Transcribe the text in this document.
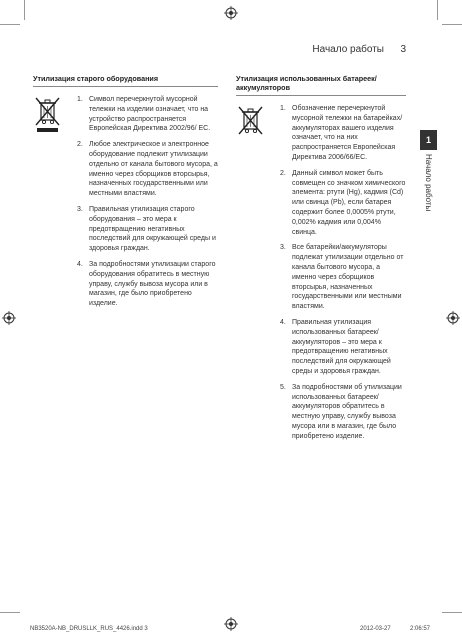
Начало работы 3
Утилизация старого оборудования
1. Символ перечеркнутой мусорной тележки на изделии означает, что на устройство распространяется Европейская Директива 2002/96/ ЕС.
2. Любое электрическое и электронное оборудование подлежит утилизации отдельно от канала бытового мусора, а именно через сборщиков вторсырья, назначенных государственными или местными властями.
3. Правильная утилизация старого оборудования – это мера к предотвращению негативных последствий для окружающей среды и здоровья граждан.
4. За подробностями утилизации старого оборудования обратитесь в местную управу, службу вывоза мусора или в магазин, где было приобретено изделие.
Утилизация использованных батареек/ аккумуляторов
1. Обозначение перечеркнутой мусорной тележки на батарейках/ аккумуляторах вашего изделия означает, что на них распространяется Европейская Директива 2006/66/ЕС.
2. Данный символ может быть совмещен со значком химического элемента: ртути (Hg), кадмия (Cd) или свинца (Pb), если батарея содержит более 0,0005% ртути, 0,002% кадмия или 0,004% свинца.
3. Все батарейки/аккумуляторы подлежат утилизации отдельно от канала бытового мусора, а именно через сборщиков вторсырья, назначенных государственными или местными властями.
4. Правильная утилизация использованных батареек/ аккумуляторов – это мера к предотвращению негативных последствий для окружающей среды и здоровья граждан.
5. За подробностями об утилизации использованных батареек/ аккумуляторов обратитесь в местную управу, службу вывоза мусора или в магазин, где было приобретено изделие.
1
Начало работы
NB3520A-NB_DRUSLLK_RUS_4426.indd 3	2012-03-27	2:06:57
